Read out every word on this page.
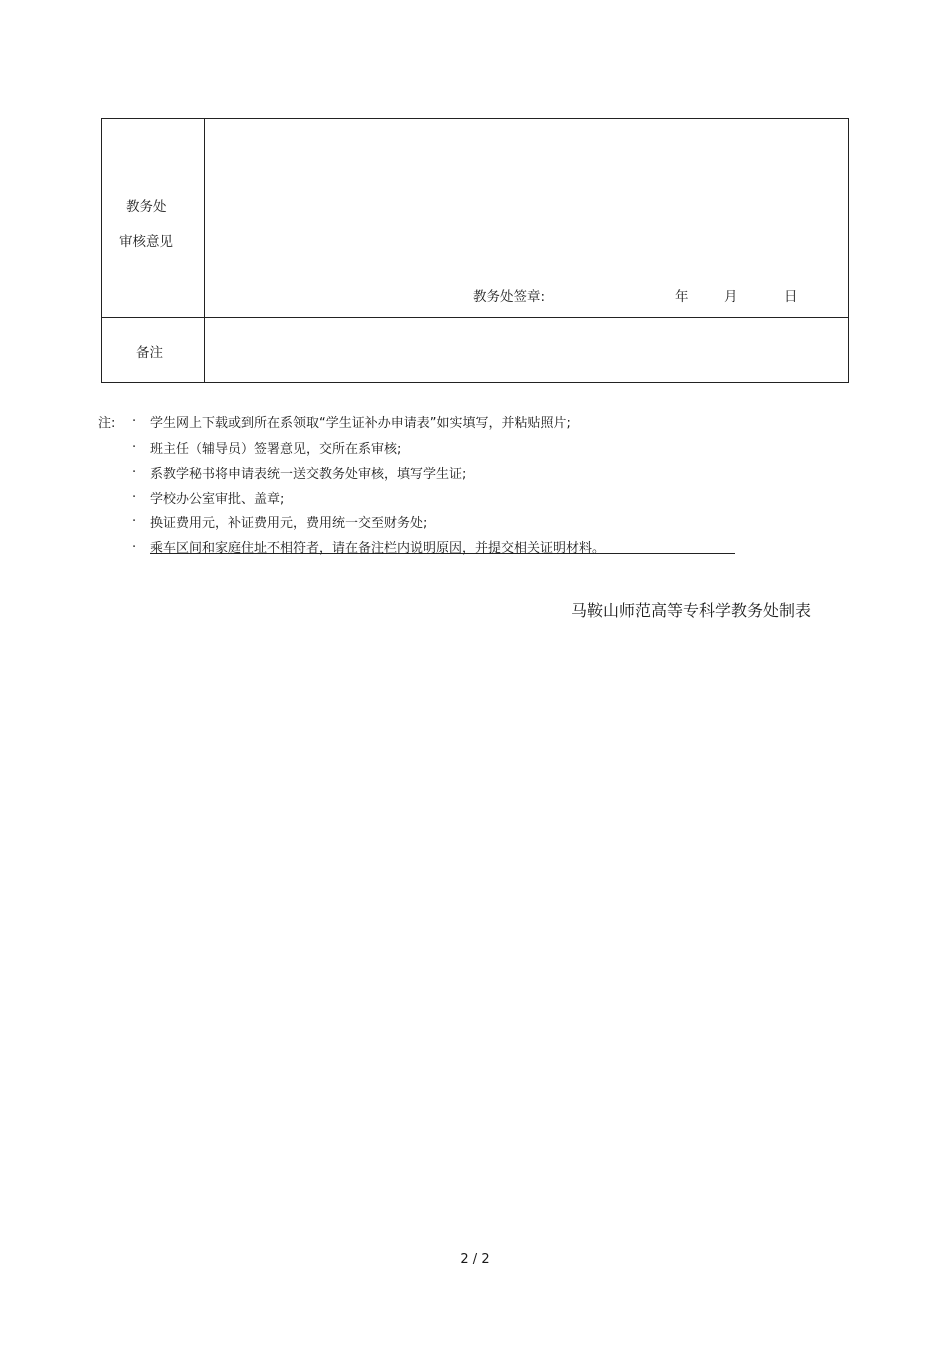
教务处
审核意见
教务处签章:	年	月	日
备注
注: . 学生网上下载或到所在系领取“学生证补办申请表”如实填写，并粘贴照片;
. 班主任（辅导员）签署意见，交所在系审核;
. 系教学秘书将申请表统一送交教务处审核，填写学生证;
. 学校办公室审批、盖章;
. 换证费用元，补证费用元，费用统一交至财务处;
. 乘车区间和家庭住址不相符者，请在备注栏内说明原因，并提交相关证明材料。
马鞍山师范高等专科学教务处制表
2 / 2
